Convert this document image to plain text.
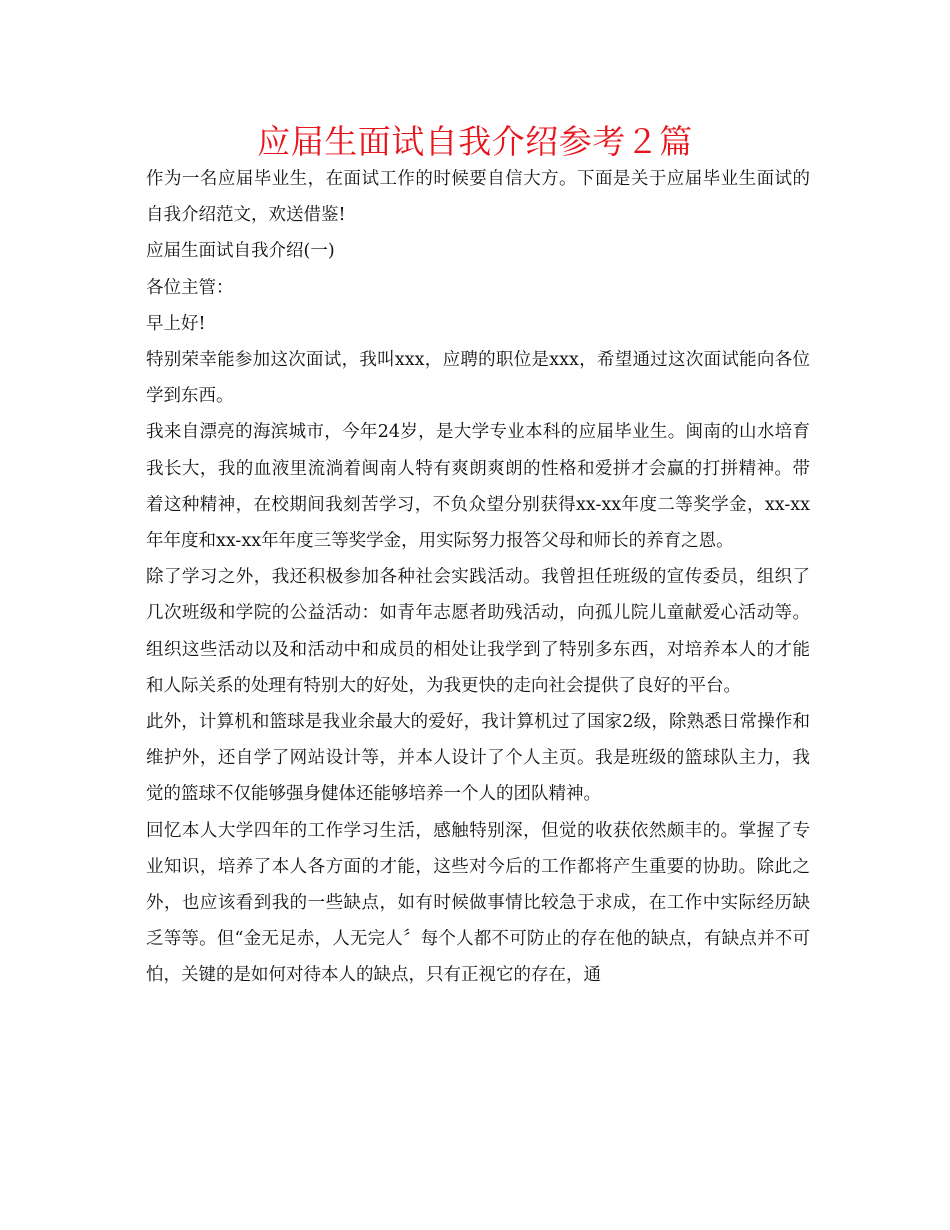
应届生面试自我介绍参考２篇

作为一名应届毕业生，在面试工作的时候要自信大方。下面是关于应届毕业生面试的自我介绍范文，欢送借鉴!

应届生面试自我介绍(一)

各位主管：

早上好!

特别荣幸能参加这次面试，我叫xxx，应聘的职位是xxx，希望通过这次面试能向各位学到东西。

我来自漂亮的海滨城市，今年24岁，是大学专业本科的应届毕业生。闽南的山水培育我长大，我的血液里流淌着闽南人特有爽朗爽朗的性格和爱拼才会赢的打拼精神。带着这种精神，在校期间我刻苦学习，不负众望分别获得xx-xx年度二等奖学金，xx-xx年年度和xx-xx年年度三等奖学金，用实际努力报答父母和师长的养育之恩。

除了学习之外，我还积极参加各种社会实践活动。我曾担任班级的宣传委员，组织了几次班级和学院的公益活动：如青年志愿者助残活动，向孤儿院儿童献爱心活动等。组织这些活动以及和活动中和成员的相处让我学到了特别多东西，对培养本人的才能和人际关系的处理有特别大的好处，为我更快的走向社会提供了良好的平台。

此外，计算机和篮球是我业余最大的爱好，我计算机过了国家2级，除熟悉日常操作和维护外，还自学了网站设计等，并本人设计了个人主页。我是班级的篮球队主力，我觉的篮球不仅能够强身健体还能够培养一个人的团队精神。

回忆本人大学四年的工作学习生活，感触特别深，但觉的收获依然颇丰的。掌握了专业知识，培养了本人各方面的才能，这些对今后的工作都将产生重要的协助。除此之外，也应该看到我的一些缺点，如有时候做事情比较急于求成，在工作中实际经历缺乏等等。但“金无足赤，人无完人〞每个人都不可防止的存在他的缺点，有缺点并不可怕，关键的是如何对待本人的缺点，只有正视它的存在，通
